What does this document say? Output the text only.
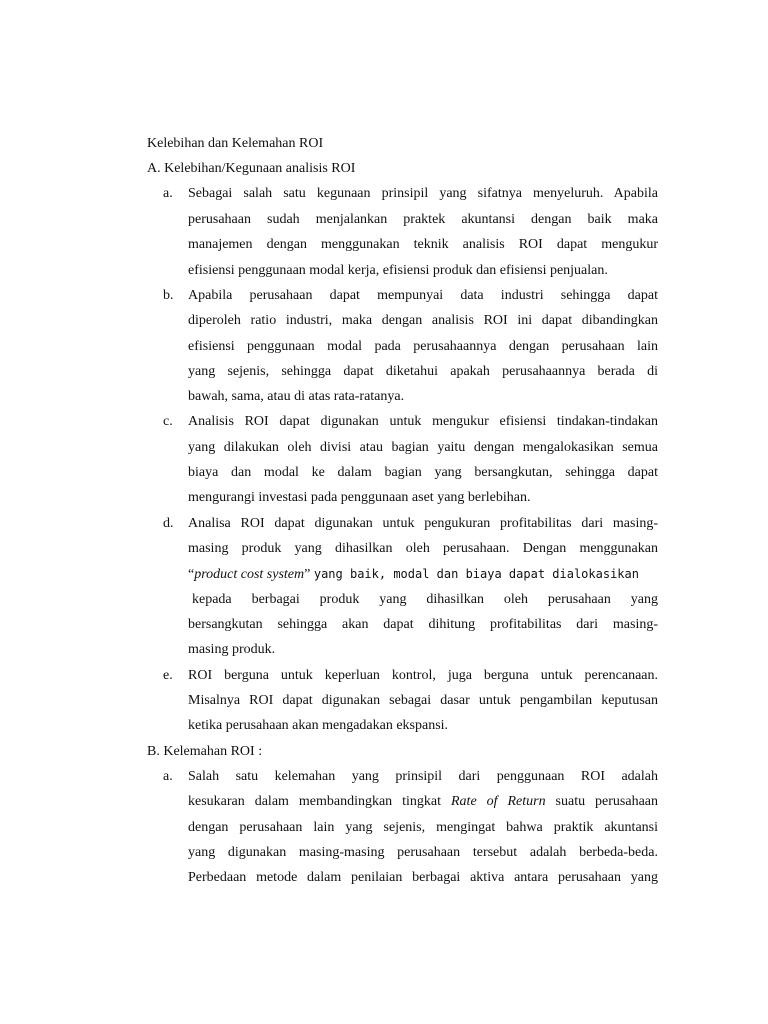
Kelebihan dan Kelemahan ROI
A. Kelebihan/Kegunaan analisis ROI
a. Sebagai salah satu kegunaan prinsipil yang sifatnya menyeluruh. Apabila
perusahaan sudah menjalankan praktek akuntansi dengan baik maka
manajemen dengan menggunakan teknik analisis ROI dapat mengukur
efisiensi penggunaan modal kerja, efisiensi produk dan efisiensi penjualan.
b. Apabila perusahaan dapat mempunyai data industri sehingga dapat
diperoleh ratio industri, maka dengan analisis ROI ini dapat dibandingkan
efisiensi penggunaan modal pada perusahaannya dengan perusahaan lain
yang sejenis, sehingga dapat diketahui apakah perusahaannya berada di
bawah, sama, atau di atas rata-ratanya.
c. Analisis ROI dapat digunakan untuk mengukur efisiensi tindakan-tindakan
yang dilakukan oleh divisi atau bagian yaitu dengan mengalokasikan semua
biaya dan modal ke dalam bagian yang bersangkutan, sehingga dapat
mengurangi investasi pada penggunaan aset yang berlebihan.
d. Analisa ROI dapat digunakan untuk pengukuran profitabilitas dari masing-
masing produk yang dihasilkan oleh perusahaan. Dengan menggunakan
“product cost system” yang baik, modal dan biaya dapat dialokasikan
kepada berbagai produk yang dihasilkan oleh perusahaan yang
bersangkutan sehingga akan dapat dihitung profitabilitas dari masing-
masing produk.
e. ROI berguna untuk keperluan kontrol, juga berguna untuk perencanaan.
Misalnya ROI dapat digunakan sebagai dasar untuk pengambilan keputusan
ketika perusahaan akan mengadakan ekspansi.
B. Kelemahan ROI :
a. Salah satu kelemahan yang prinsipil dari penggunaan ROI adalah
kesukaran dalam membandingkan tingkat Rate of Return suatu perusahaan
dengan perusahaan lain yang sejenis, mengingat bahwa praktik akuntansi
yang digunakan masing-masing perusahaan tersebut adalah berbeda-beda.
Perbedaan metode dalam penilaian berbagai aktiva antara perusahaan yang
